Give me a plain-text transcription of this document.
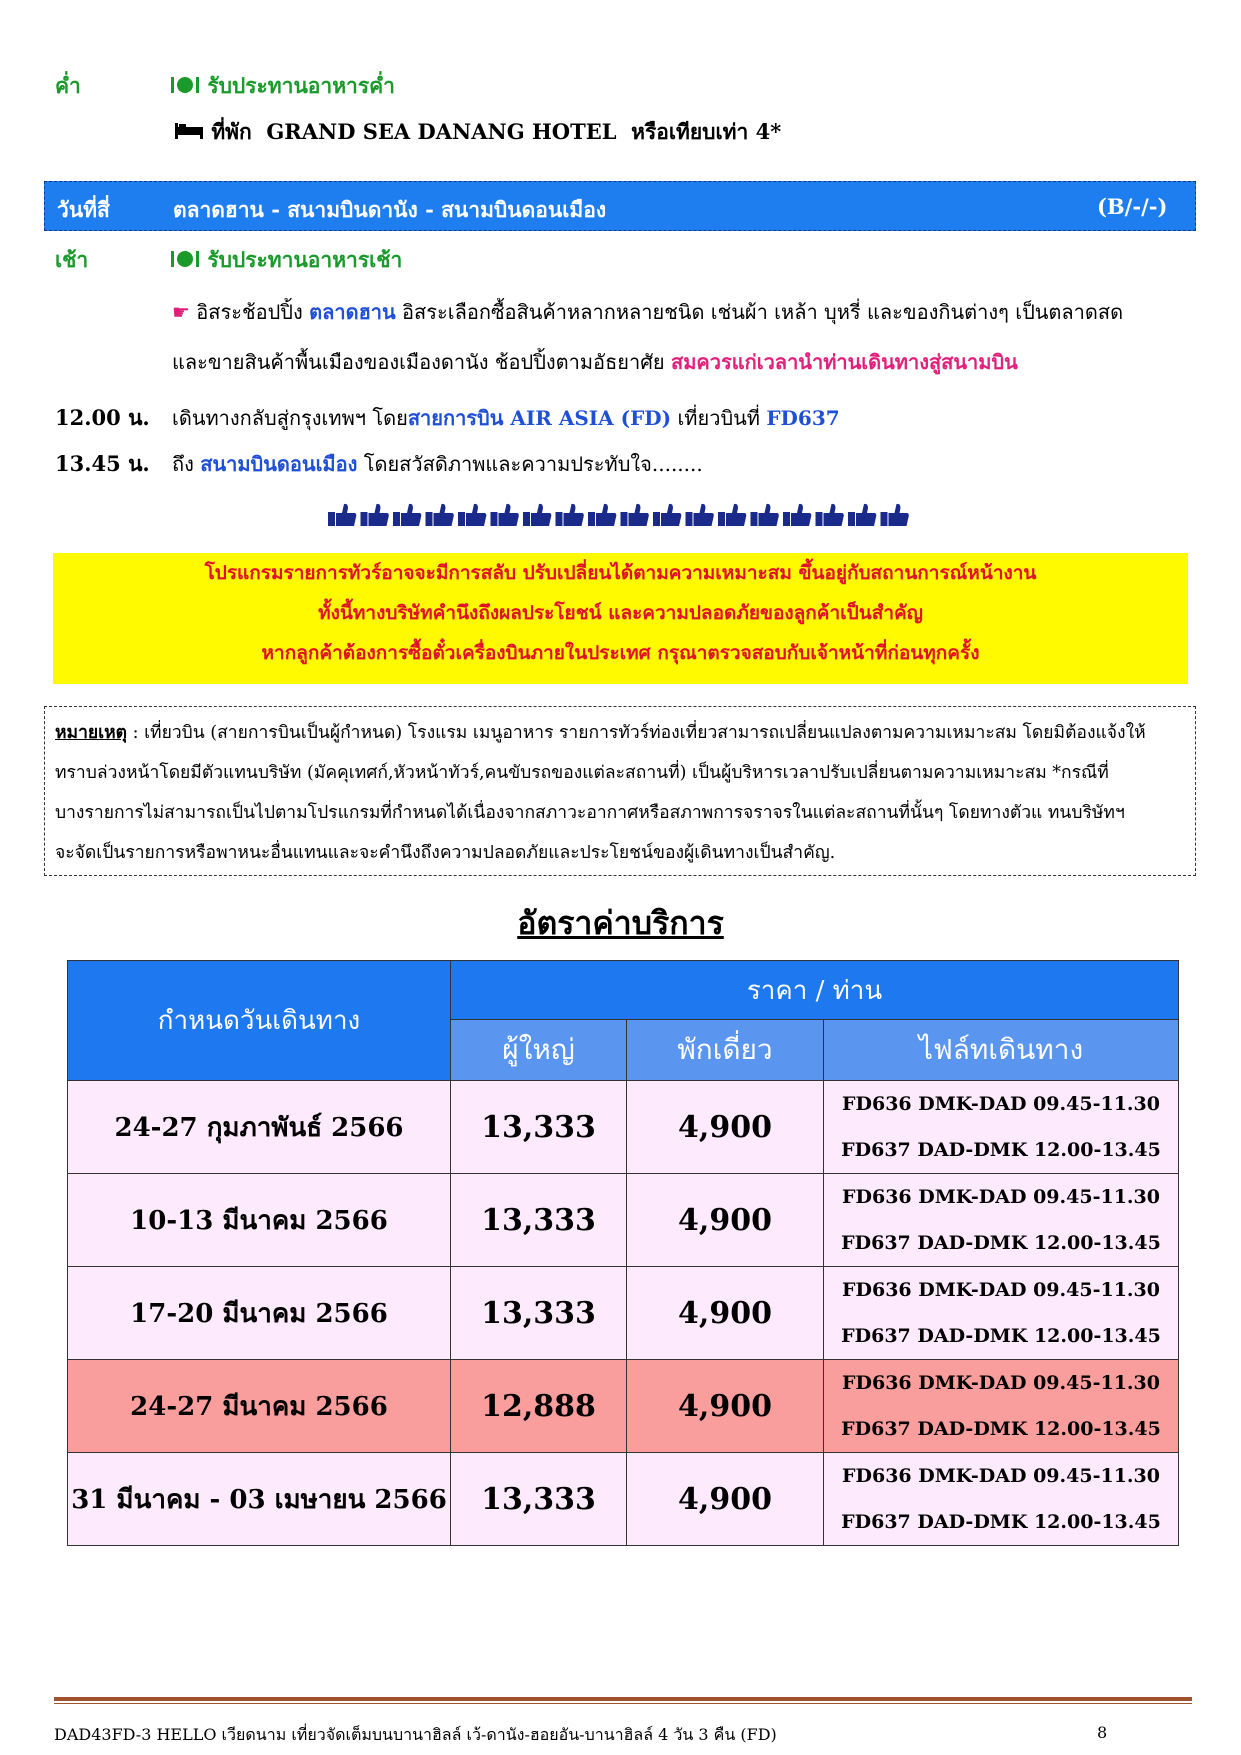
ค่ำ	รับประทานอาหารค่ำ
ที่พัก GRAND SEA DANANG HOTEL หรือเทียบเท่า 4*
วันที่สี่	ตลาดฮาน - สนามบินดานัง - สนามบินดอนเมือง	(B/-/-)
เช้า	รับประทานอาหารเช้า
☛ อิสระช้อปปิ้ง ตลาดฮาน อิสระเลือกซื้อสินค้าหลากหลายชนิด เช่นผ้า เหล้า บุหรี่ และของกินต่างๆ เป็นตลาดสด
และขายสินค้าพื้นเมืองของเมืองดานัง ช้อปปิ้งตามอัธยาศัย สมควรแก่เวลานำท่านเดินทางสู่สนามบิน
12.00 น. เดินทางกลับสู่กรุงเทพฯ โดยสายการบิน AIR ASIA (FD) เที่ยวบินที่ FD637
13.45 น. ถึง สนามบินดอนเมือง โดยสวัสดิภาพและความประทับใจ........
โปรแกรมรายการทัวร์อาจจะมีการสลับ ปรับเปลี่ยนได้ตามความเหมาะสม ขึ้นอยู่กับสถานการณ์หน้างาน
ทั้งนี้ทางบริษัทคำนึงถึงผลประโยชน์ และความปลอดภัยของลูกค้าเป็นสำคัญ
หากลูกค้าต้องการซื้อตั๋วเครื่องบินภายในประเทศ กรุณาตรวจสอบกับเจ้าหน้าที่ก่อนทุกครั้ง
หมายเหตุ : เที่ยวบิน (สายการบินเป็นผู้กำหนด) โรงแรม เมนูอาหาร รายการทัวร์ท่องเที่ยวสามารถเปลี่ยนแปลงตามความเหมาะสม โดยมิต้องแจ้งให้
ทราบล่วงหน้าโดยมีตัวแทนบริษัท (มัคคุเทศก์,หัวหน้าทัวร์,คนขับรถของแต่ละสถานที่) เป็นผู้บริหารเวลาปรับเปลี่ยนตามความเหมาะสม *กรณีที่
บางรายการไม่สามารถเป็นไปตามโปรแกรมที่กำหนดได้เนื่องจากสภาวะอากาศหรือสภาพการจราจรในแต่ละสถานที่นั้นๆ โดยทางตัวแ ทนบริษัทฯ
จะจัดเป็นรายการหรือพาหนะอื่นแทนและจะคำนึงถึงความปลอดภัยและประโยชน์ของผู้เดินทางเป็นสำคัญ.
อัตราค่าบริการ
กำหนดวันเดินทาง	ราคา / ท่าน		
	ผู้ใหญ่	พักเดี่ยว	ไฟล์ทเดินทาง
24-27 กุมภาพันธ์ 2566	13,333	4,900	FD636 DMK-DAD 09.45-11.30
FD637 DAD-DMK 12.00-13.45

10-13 มีนาคม 2566	13,333	4,900	FD636 DMK-DAD 09.45-11.30
FD637 DAD-DMK 12.00-13.45

17-20 มีนาคม 2566	13,333	4,900	FD636 DMK-DAD 09.45-11.30
FD637 DAD-DMK 12.00-13.45

24-27 มีนาคม 2566	12,888	4,900	FD636 DMK-DAD 09.45-11.30
FD637 DAD-DMK 12.00-13.45

31 มีนาคม - 03 เมษายน 2566	13,333	4,900	FD636 DMK-DAD 09.45-11.30
FD637 DAD-DMK 12.00-13.45
DAD43FD-3 HELLO เวียดนาม เที่ยวจัดเต็มบนบานาฮิลล์ เว้-ดานัง-ฮอยอัน-บานาฮิลล์ 4 วัน 3 คืน (FD)	8
